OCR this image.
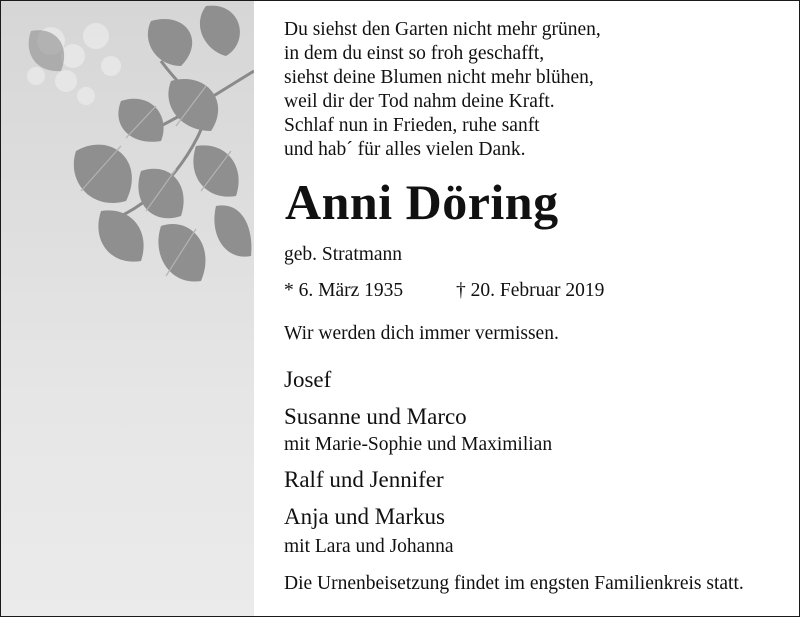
Du siehst den Garten nicht mehr grünen,
in dem du einst so froh geschafft,
siehst deine Blumen nicht mehr blühen,
weil dir der Tod nahm deine Kraft.
Schlaf nun in Frieden, ruhe sanft
und hab´ für alles vielen Dank.
Anni Döring
geb. Stratmann
* 6. März 1935	† 20. Februar 2019
Wir werden dich immer vermissen.
Josef
Susanne und Marco
mit Marie-Sophie und Maximilian
Ralf und Jennifer
Anja und Markus
mit Lara und Johanna
Die Urnenbeisetzung findet im engsten Familienkreis statt.
